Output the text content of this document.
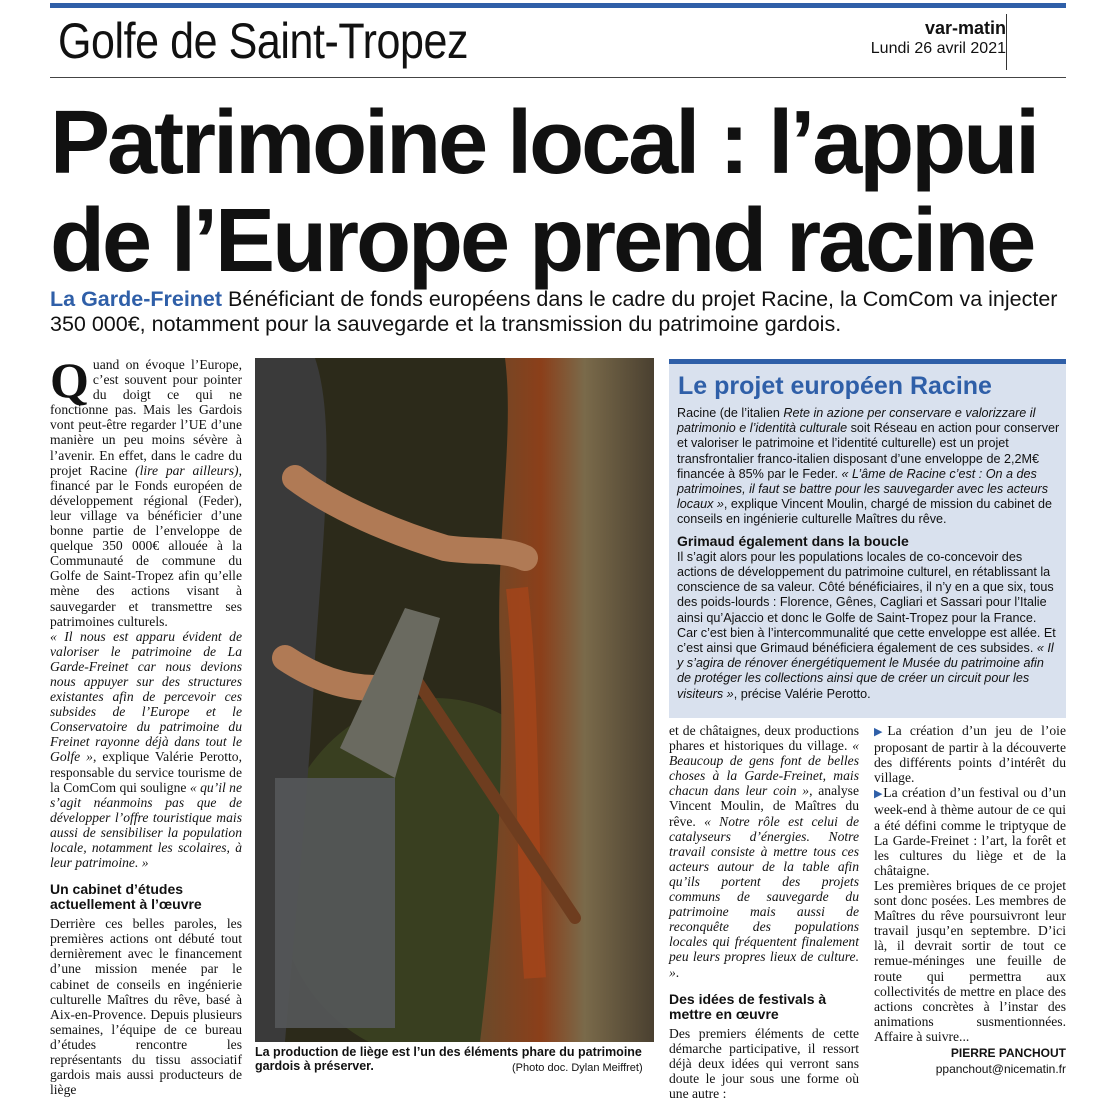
Golfe de Saint-Tropez	var-matin
Lundi 26 avril 2021
Patrimoine local : l’appui
de l’Europe prend racine
La Garde-Freinet Bénéficiant de fonds européens dans le cadre du projet Racine, la ComCom va injecter 350 000€, notamment pour la sauvegarde et la transmission du patrimoine gardois.

Quand on évoque l’Europe, c’est souvent pour pointer du doigt ce qui ne fonctionne pas. Mais les Gardois vont peut-être regarder l’UE d’une manière un peu moins sévère à l’avenir. En effet, dans le cadre du projet Racine (lire par ailleurs), financé par le Fonds européen de développement régional (Feder), leur village va bénéficier d’une bonne partie de l’enveloppe de quelque 350 000€ allouée à la Communauté de commune du Golfe de Saint-Tropez afin qu’elle mène des actions visant à sauvegarder et transmettre ses patrimoines culturels.

« Il nous est apparu évident de valoriser le patrimoine de La Garde-Freinet car nous devions nous appuyer sur des structures existantes afin de percevoir ces subsides de l’Europe et le Conservatoire du patrimoine du Freinet rayonne déjà dans tout le Golfe », explique Valérie Perotto, responsable du service tourisme de la ComCom qui souligne « qu’il ne s’agit néanmoins pas que de développer l’offre touristique mais aussi de sensibiliser la population locale, notamment les scolaires, à leur patrimoine. »

Un cabinet d’études actuellement à l’œuvre

Derrière ces belles paroles, les premières actions ont débuté tout dernièrement avec le financement d’une mission menée par le cabinet de conseils en ingénierie culturelle Maîtres du rêve, basé à Aix-en-Provence. Depuis plusieurs semaines, l’équipe de ce bureau d’études rencontre les représentants du tissu associatif gardois mais aussi producteurs de liège

La production de liège est l’un des éléments phare du patrimoine gardois à préserver.	(Photo doc. Dylan Meiffret)
Le projet européen Racine

Racine (de l’italien Rete in azione per conservare e valorizzare il patrimonio e l’identità culturale soit Réseau en action pour conserver et valoriser le patrimoine et l’identité culturelle) est un projet transfrontalier franco-italien disposant d’une enveloppe de 2,2M€ financée à 85% par le Feder. « L’âme de Racine c’est : On a des patrimoines, il faut se battre pour les sauvegarder avec les acteurs locaux », explique Vincent Moulin, chargé de mission du cabinet de conseils en ingénierie culturelle Maîtres du rêve.

Grimaud également dans la boucle

Il s’agit alors pour les populations locales de co-concevoir des actions de développement du patrimoine culturel, en rétablissant la conscience de sa valeur. Côté bénéficiaires, il n’y en a que six, tous des poids-lourds : Florence, Gênes, Cagliari et Sassari pour l’Italie ainsi qu’Ajaccio et donc le Golfe de Saint-Tropez pour la France. Car c’est bien à l’intercommunalité que cette enveloppe est allée. Et c’est ainsi que Grimaud bénéficiera également de ces subsides. « Il y s’agira de rénover énergétiquement le Musée du patrimoine afin de protéger les collections ainsi que de créer un circuit pour les visiteurs », précise Valérie Perotto.

et de châtaignes, deux productions phares et historiques du village. « Beaucoup de gens font de belles choses à la Garde-Freinet, mais chacun dans leur coin », analyse Vincent Moulin, de Maîtres du rêve. « Notre rôle est celui de catalyseurs d’énergies. Notre travail consiste à mettre tous ces acteurs autour de la table afin qu’ils portent des projets communs de sauvegarde du patrimoine mais aussi de reconquête des populations locales qui fréquentent finalement peu leurs propres lieux de culture. ».

Des idées de festivals à mettre en œuvre

Des premiers éléments de cette démarche participative, il ressort déjà deux idées qui verront sans doute le jour sous une forme où une autre :

▶La création d’un jeu de l’oie proposant de partir à la découverte des différents points d’intérêt du village.

▶La création d’un festival ou d’un week-end à thème autour de ce qui a été défini comme le triptyque de La Garde-Freinet : l’art, la forêt et les cultures du liège et de la châtaigne.

Les premières briques de ce projet sont donc posées. Les membres de Maîtres du rêve poursuivront leur travail jusqu’en septembre. D’ici là, il devrait sortir de tout ce remue-méninges une feuille de route qui permettra aux collectivités de mettre en place des actions concrètes à l’instar des animations susmentionnées. Affaire à suivre...

PIERRE PANCHOUT
ppanchout@nicematin.fr
